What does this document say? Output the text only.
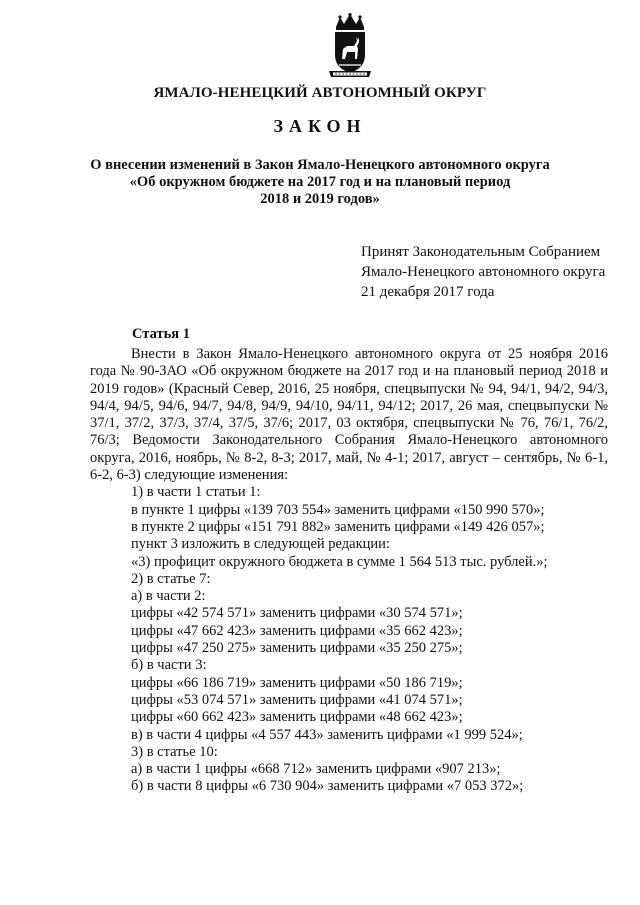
ЯМАЛО-НЕНЕЦКИЙ АВТОНОМНЫЙ ОКРУГ
ЗАКОН
О внесении изменений в Закон Ямало-Ненецкого автономного округа
«Об окружном бюджете на 2017 год и на плановый период
2018 и 2019 годов»
Принят Законодательным Собранием
Ямало-Ненецкого автономного округа
21 декабря 2017 года
Статья 1

Внести в Закон Ямало-Ненецкого автономного округа от 25 ноября 2016 года № 90-ЗАО «Об окружном бюджете на 2017 год и на плановый период 2018 и 2019 годов» (Красный Север, 2016, 25 ноября, спецвыпуски № 94, 94/1, 94/2, 94/3, 94/4, 94/5, 94/6, 94/7, 94/8, 94/9, 94/10, 94/11, 94/12; 2017, 26 мая, спецвыпуски № 37/1, 37/2, 37/3, 37/4, 37/5, 37/6; 2017, 03 октября, спецвыпуски № 76, 76/1, 76/2, 76/3; Ведомости Законодательного Собрания Ямало-Ненецкого автономного округа, 2016, ноябрь, № 8-2, 8-3; 2017, май, № 4-1; 2017, август – сентябрь, № 6-1, 6-2, 6-3) следующие изменения:

1) в части 1 статьи 1:
в пункте 1 цифры «139 703 554» заменить цифрами «150 990 570»;
в пункте 2 цифры «151 791 882» заменить цифрами «149 426 057»;
пункт 3 изложить в следующей редакции:
«3) профицит окружного бюджета в сумме 1 564 513 тыс. рублей.»;
2) в статье 7:
а) в части 2:
цифры «42 574 571» заменить цифрами «30 574 571»;
цифры «47 662 423» заменить цифрами «35 662 423»;
цифры «47 250 275» заменить цифрами «35 250 275»;
б) в части 3:
цифры «66 186 719» заменить цифрами «50 186 719»;
цифры «53 074 571» заменить цифрами «41 074 571»;
цифры «60 662 423» заменить цифрами «48 662 423»;
в) в части 4 цифры «4 557 443» заменить цифрами «1 999 524»;
3) в статье 10:
а) в части 1 цифры «668 712» заменить цифрами «907 213»;
б) в части 8 цифры «6 730 904» заменить цифрами «7 053 372»;
